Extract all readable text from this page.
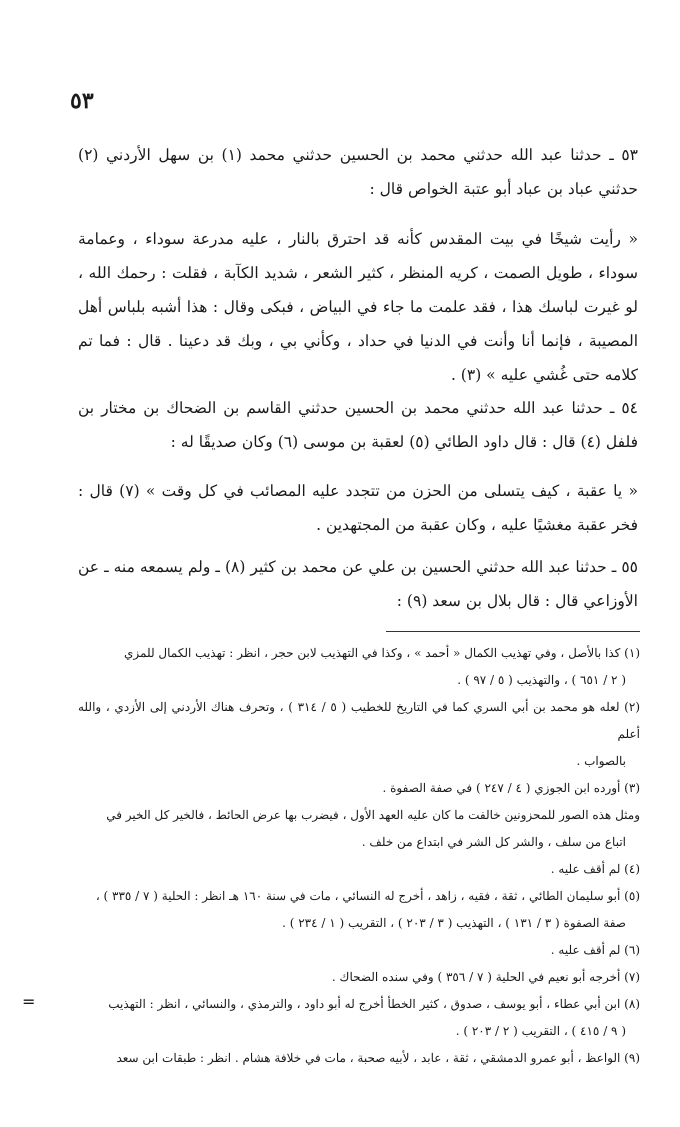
٥٣

٥٣ ـ حدثنا عبد الله حدثني محمد بن الحسين حدثني محمد (١) بن سهل الأردني (٢) حدثني عباد بن عباد أبو عتبة الخواص قال :

« رأيت شيخًا في بيت المقدس كأنه قد احترق بالنار ، عليه مدرعة سوداء ، وعمامة سوداء ، طويل الصمت ، كريه المنظر ، كثير الشعر ، شديد الكآبة ، فقلت : رحمك الله ، لو غيرت لباسك هذا ، فقد علمت ما جاء في البياض ، فبكى وقال : هذا أشبه بلباس أهل المصيبة ، فإنما أنا وأنت في الدنيا في حداد ، وكأني بي ، وبك قد دعينا . قال : فما تم كلامه حتى غُشي عليه » (٣) .

٥٤ ـ حدثنا عبد الله حدثني محمد بن الحسين حدثني القاسم بن الضحاك بن مختار بن فلفل (٤) قال : قال داود الطائي (٥) لعقبة بن موسى (٦) وكان صديقًا له :

« يا عقبة ، كيف يتسلى من الحزن من تتجدد عليه المصائب في كل وقت » (٧) قال : فخر عقبة مغشيًا عليه ، وكان عقبة من المجتهدين .

٥٥ ـ حدثنا عبد الله حدثني الحسين بن علي عن محمد بن كثير (٨) ـ ولم يسمعه منه ـ عن الأوزاعي قال : قال بلال بن سعد (٩) :

(١) كذا بالأصل ، وفي تهذيب الكمال « أحمد » ، وكذا في التهذيب لابن حجر ، انظر : تهذيب الكمال للمزي

( ٢ / ٦٥١ ) ، والتهذيب ( ٥ / ٩٧ ) .

(٢) لعله هو محمد بن أبي السري كما في التاريخ للخطيب ( ٥ / ٣١٤ ) ، وتحرف هناك الأردني إلى الأزدي ، والله أعلم

بالصواب .

(٣) أورده ابن الجوزي ( ٤ / ٢٤٧ ) في صفة الصفوة .

ومثل هذه الصور للمحزونين خالفت ما كان عليه العهد الأول ، فيضرب بها عرض الحائط ، فالخير كل الخير في

اتباع من سلف ، والشر كل الشر في ابتداع من خلف .

(٤) لم أقف عليه .

(٥) أبو سليمان الطائي ، ثقة ، فقيه ، زاهد ، أخرج له النسائي ، مات في سنة ١٦٠ هـ انظر : الحلية ( ٧ / ٣٣٥ ) ،

صفة الصفوة ( ٣ / ١٣١ ) ، التهذيب ( ٣ / ٢٠٣ ) ، التقريب ( ١ / ٢٣٤ ) .

(٦) لم أقف عليه .

(٧) أخرجه أبو نعيم في الحلية ( ٧ / ٣٥٦ ) وفي سنده الضحاك .

(٨) ابن أبي عطاء ، أبو يوسف ، صدوق ، كثير الخطأ أخرج له أبو داود ، والترمذي ، والنسائي ، انظر : التهذيب

( ٩ / ٤١٥ ) ، التقريب ( ٢ / ٢٠٣ ) .

(٩) الواعظ ، أبو عمرو الدمشقي ، ثقة ، عابد ، لأبيه صحبة ، مات في خلافة هشام . انظر : طبقات ابن سعد

=
